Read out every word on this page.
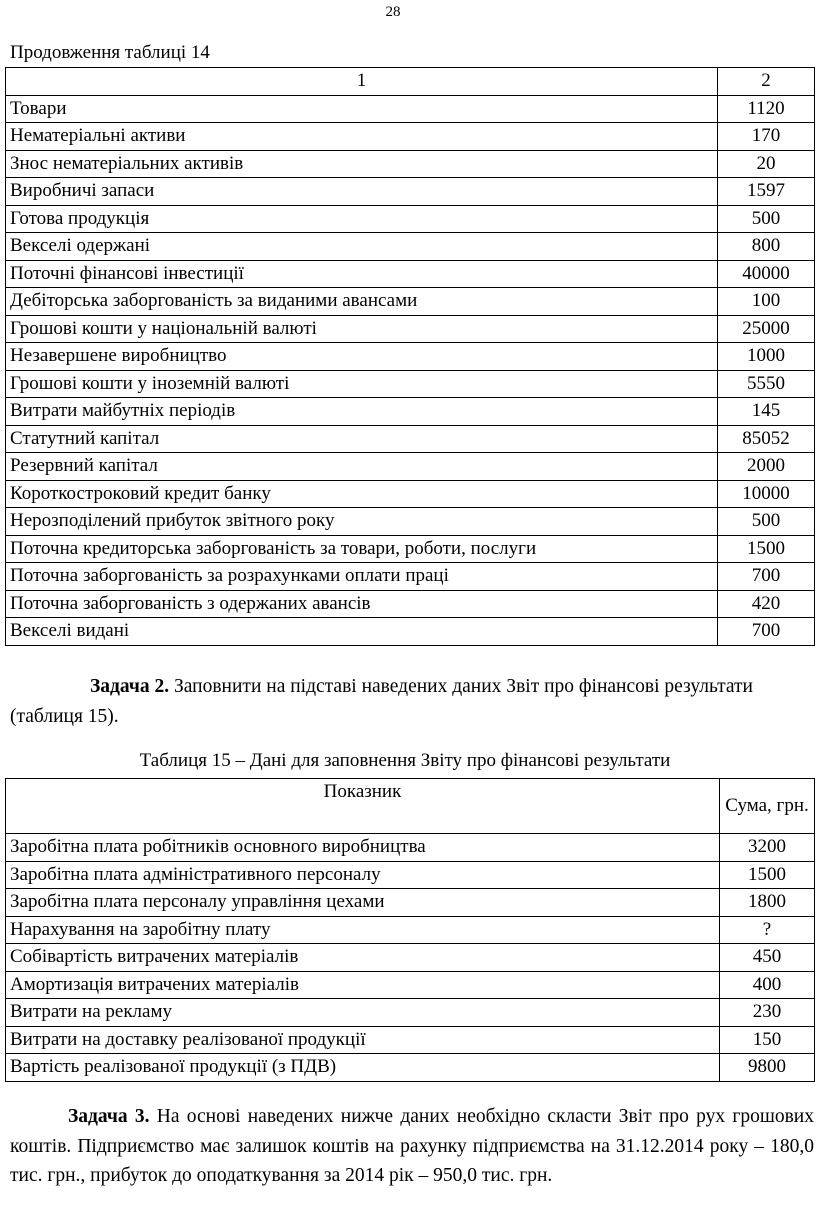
28
Продовження таблиці 14
1	2
Товари	1120
Нематеріальні активи	170
Знос нематеріальних активів	20
Виробничі запаси	1597
Готова продукція	500
Векселі одержані	800
Поточні фінансові інвестиції	40000
Дебіторська заборгованість за виданими авансами	100
Грошові кошти у національній валюті	25000
Незавершене виробництво	1000
Грошові кошти у іноземній валюті	5550
Витрати майбутніх періодів	145
Статутний капітал	85052
Резервний капітал	2000
Короткостроковий кредит банку	10000
Нерозподілений прибуток звітного року	500
Поточна кредиторська заборгованість за товари, роботи, послуги	1500
Поточна заборгованість за розрахунками оплати праці	700
Поточна заборгованість з одержаних авансів	420
Векселі видані	700
Задача 2. Заповнити на підставі наведених даних Звіт про фінансові результати (таблиця 15).
Таблиця 15 – Дані для заповнення Звіту про фінансові результати
Показник	Сума, грн.
Заробітна плата робітників основного виробництва	3200
Заробітна плата адміністративного персоналу	1500
Заробітна плата персоналу управління цехами	1800
Нарахування на заробітну плату	?
Собівартість витрачених матеріалів	450
Амортизація витрачених матеріалів	400
Витрати на рекламу	230
Витрати на доставку реалізованої продукції	150
Вартість реалізованої продукції (з ПДВ)	9800
Задача 3. На основі наведених нижче даних необхідно скласти Звіт про рух грошових коштів. Підприємство має залишок коштів на рахунку підприємства на 31.12.2014 року – 180,0 тис. грн., прибуток до оподаткування за 2014 рік – 950,0 тис. грн.
